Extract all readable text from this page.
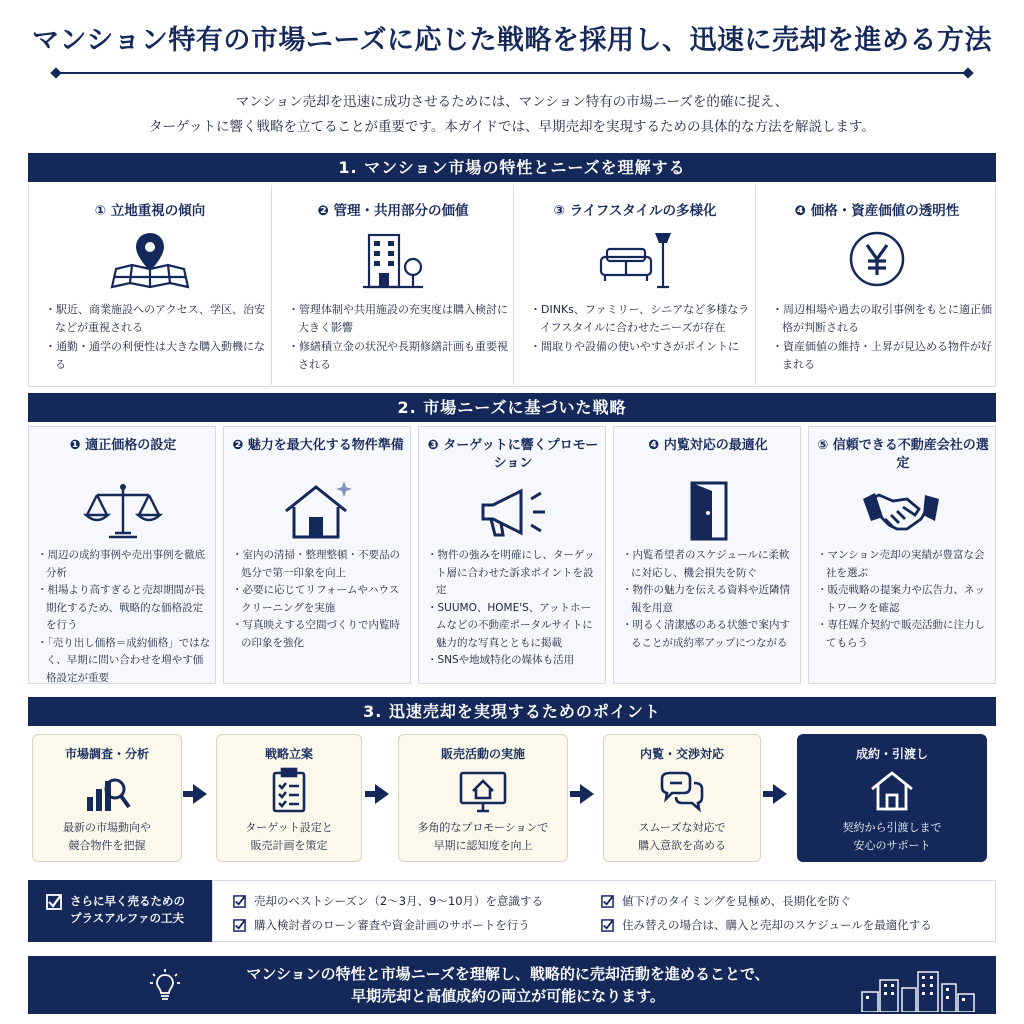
マンション特有の市場ニーズに応じた戦略を採用し、迅速に売却を進める方法
マンション売却を迅速に成功させるためには、マンション特有の市場ニーズを的確に捉え、
ターゲットに響く戦略を立てることが重要です。本ガイドでは、早期売却を実現するための具体的な方法を解説します。
1. マンション市場の特性とニーズを理解する
① 立地重視の傾向
・ 駅近、商業施設へのアクセス、学区、治安などが重視される
・ 通勤・通学の利便性は大きな購入動機になる
❷ 管理・共用部分の価値
・ 管理体制や共用施設の充実度は購入検討に大きく影響
・ 修繕積立金の状況や長期修繕計画も重要視される
③ ライフスタイルの多様化
・ DINKs、ファミリー、シニアなど多様なライフスタイルに合わせたニーズが存在
・ 間取りや設備の使いやすさがポイントに
❹ 価格・資産価値の透明性
・ 周辺相場や過去の取引事例をもとに適正価格が判断される
・ 資産価値の維持・上昇が見込める物件が好まれる
2. 市場ニーズに基づいた戦略
❶ 適正価格の設定
・ 周辺の成約事例や売出事例を徹底分析
・ 相場より高すぎると売却期間が長期化するため、戦略的な価格設定を行う
・ 「売り出し価格＝成約価格」ではなく、早期に問い合わせを増やす価格設定が重要
❷ 魅力を最大化する物件準備
・ 室内の清掃・整理整頓・不要品の処分で第一印象を向上
・ 必要に応じてリフォームやハウスクリーニングを実施
・ 写真映えする空間づくりで内覧時の印象を強化
❸ ターゲットに響くプロモーション
・ 物件の強みを明確にし、ターゲット層に合わせた訴求ポイントを設定
・ SUUMO、HOME'S、アットホームなどの不動産ポータルサイトに魅力的な写真とともに掲載
・ SNSや地域特化の媒体も活用
❹ 内覧対応の最適化
・ 内覧希望者のスケジュールに柔軟に対応し、機会損失を防ぐ
・ 物件の魅力を伝える資料や近隣情報を用意
・ 明るく清潔感のある状態で案内することが成約率アップにつながる
⑤ 信頼できる不動産会社の選定
・ マンション売却の実績が豊富な会社を選ぶ
・ 販売戦略の提案力や広告力、ネットワークを確認
・ 専任媒介契約で販売活動に注力してもらう
3. 迅速売却を実現するためのポイント
市場調査・分析
最新の市場動向や
競合物件を把握
戦略立案
ターゲット設定と
販売計画を策定
販売活動の実施
多角的なプロモーションで
早期に認知度を向上
内覧・交渉対応
スムーズな対応で
購入意欲を高める
成約・引渡し
契約から引渡しまで
安心のサポート
さらに早く売るための
プラスアルファの工夫
売却のベストシーズン（2〜3月、9〜10月）を意識する	値下げのタイミングを見極め、長期化を防ぐ
購入検討者のローン審査や資金計画のサポートを行う	住み替えの場合は、購入と売却のスケジュールを最適化する
マンションの特性と市場ニーズを理解し、戦略的に売却活動を進めることで、
早期売却と高値成約の両立が可能になります。
